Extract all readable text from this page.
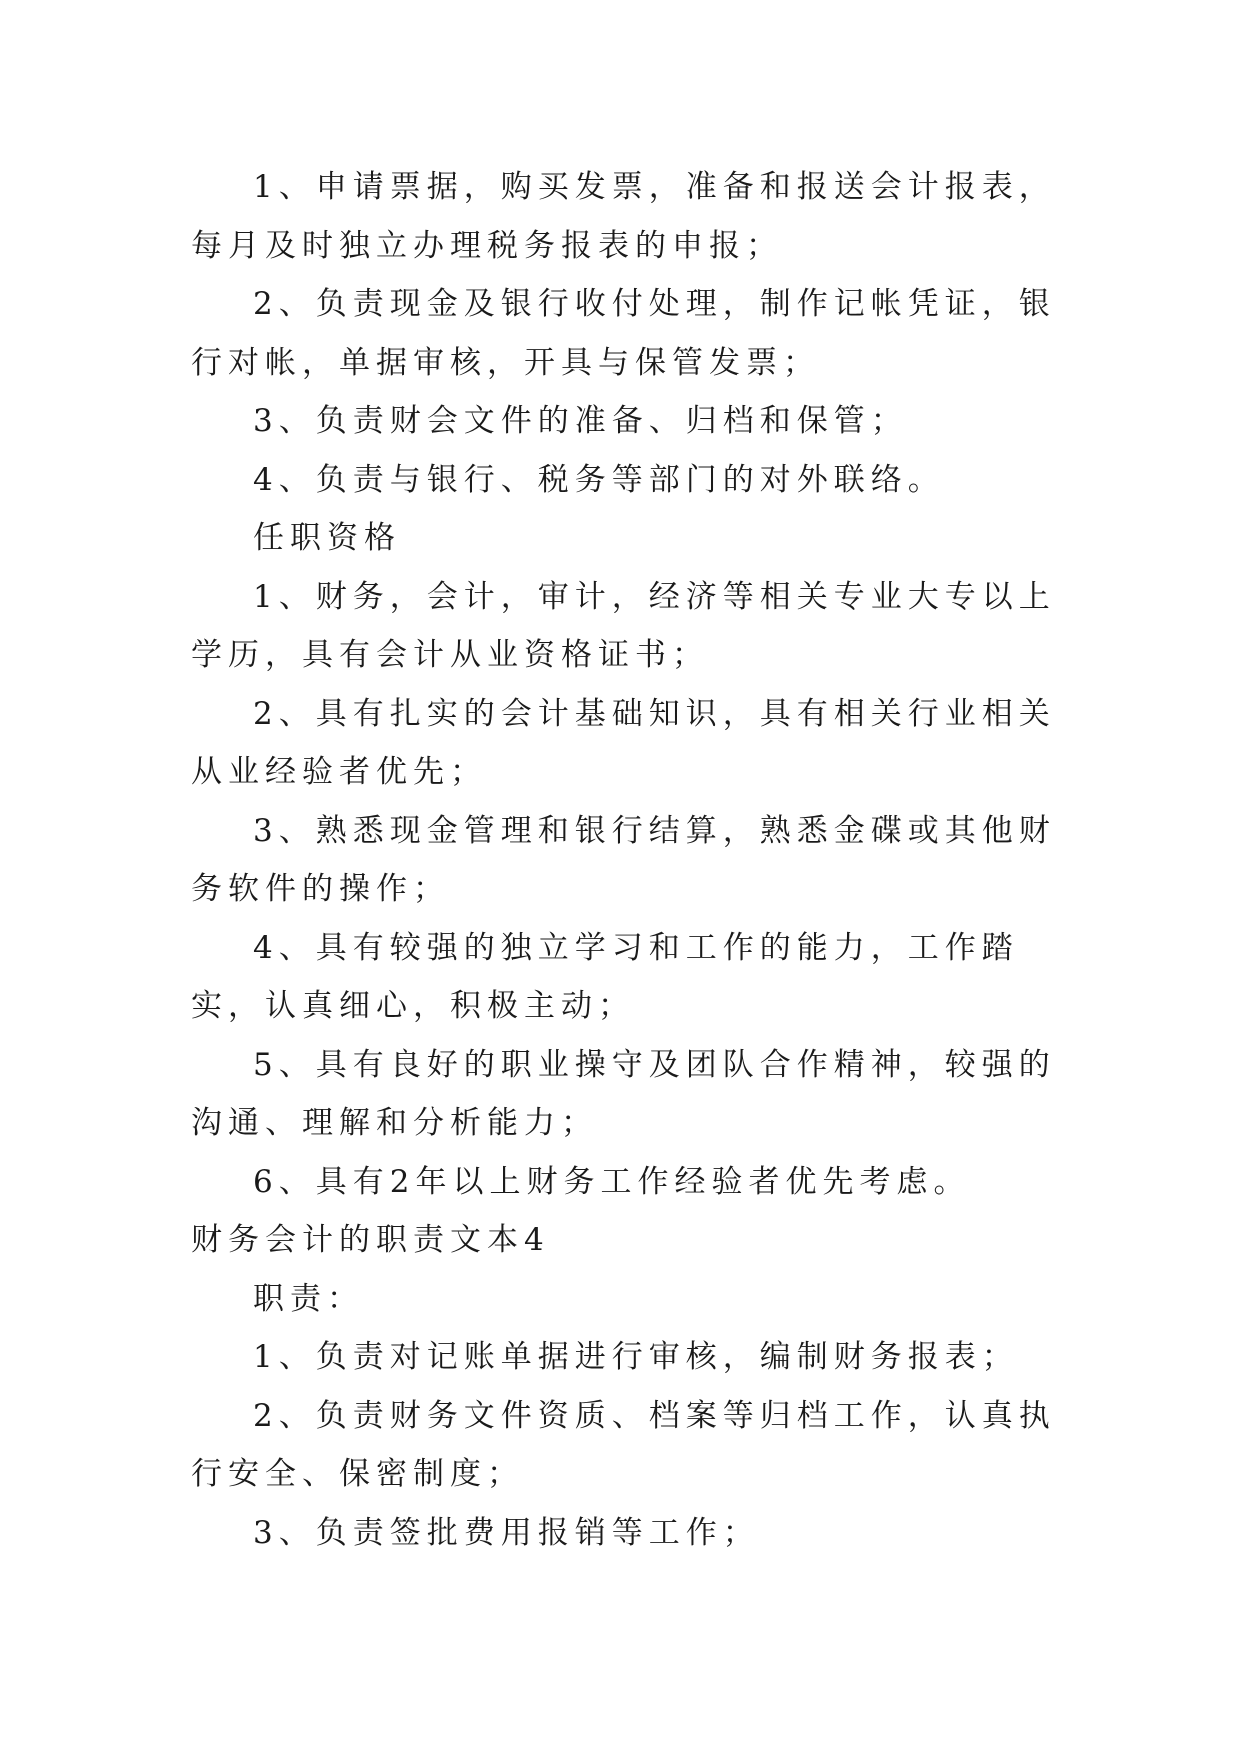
1、申请票据，购买发票，准备和报送会计报表，每月及时独立办理税务报表的申报；

2、负责现金及银行收付处理，制作记帐凭证，银行对帐，单据审核，开具与保管发票；

3、负责财会文件的准备、归档和保管；

4、负责与银行、税务等部门的对外联络。

任职资格

1、财务，会计，审计，经济等相关专业大专以上学历，具有会计从业资格证书；

2、具有扎实的会计基础知识，具有相关行业相关从业经验者优先；

3、熟悉现金管理和银行结算，熟悉金碟或其他财务软件的操作；

4、具有较强的独立学习和工作的能力，工作踏实，认真细心，积极主动；

5、具有良好的职业操守及团队合作精神，较强的沟通、理解和分析能力；

6、具有2年以上财务工作经验者优先考虑。

财务会计的职责文本4

职责：

1、负责对记账单据进行审核，编制财务报表；

2、负责财务文件资质、档案等归档工作，认真执行安全、保密制度；

3、负责签批费用报销等工作；
